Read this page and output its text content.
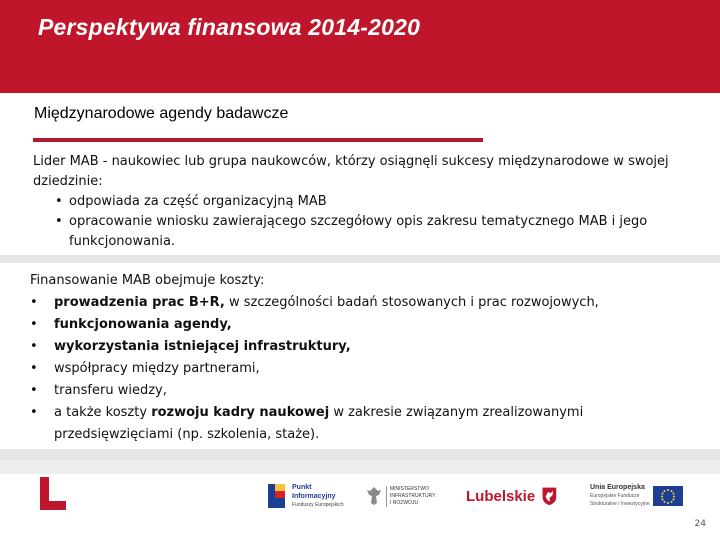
Perspektywa finansowa 2014-2020
Międzynarodowe agendy badawcze
Lider MAB - naukowiec lub grupa naukowców, którzy osiągnęli sukcesy międzynarodowe w swojej dziedzinie:
• odpowiada za część organizacyjną MAB
• opracowanie wniosku zawierającego szczegółowy opis zakresu tematycznego MAB i jego funkcjonowania.
Finansowanie MAB obejmuje koszty:
• prowadzenia prac B+R, w szczególności badań stosowanych i prac rozwojowych,
• funkcjonowania agendy,
• wykorzystania istniejącej infrastruktury,
• współpracy między partnerami,
• transferu wiedzy,
• a także koszty rozwoju kadry naukowej w zakresie związanym zrealizowanymi przedsięwzięciami (np. szkolenia, staże).
Punkt
Informacyjny
Funduszy Europejskich
MINISTERSTWO
INFRASTRUKTURY
I ROZWOJU	Lubelskie	Unia Europejska
Europejskie Fundusze
Strukturalne i Inwestycyjne
24
